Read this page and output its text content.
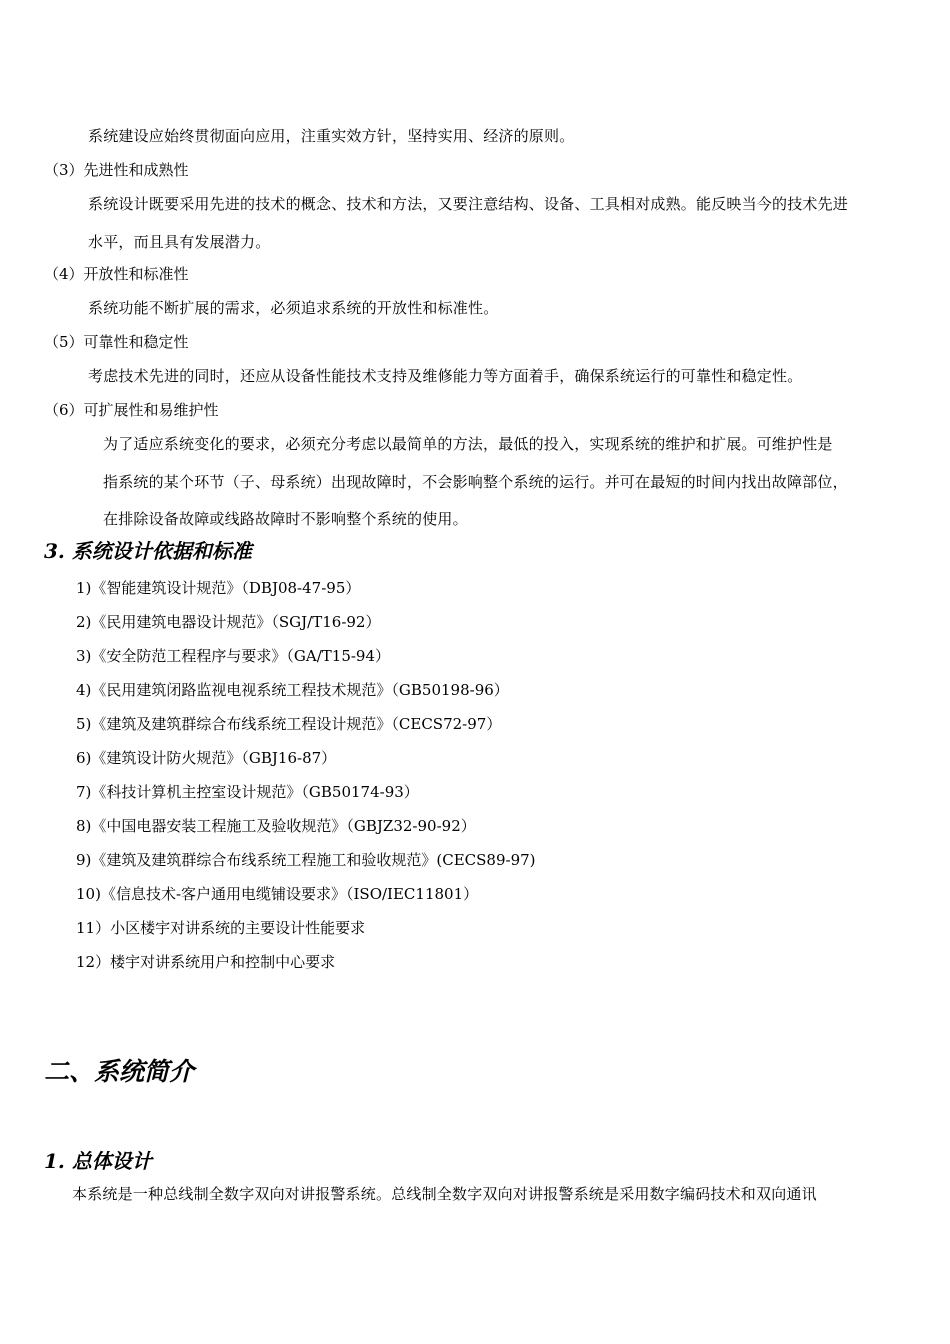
系统建设应始终贯彻面向应用，注重实效方针，坚持实用、经济的原则。
（3）先进性和成熟性
系统设计既要采用先进的技术的概念、技术和方法，又要注意结构、设备、工具相对成熟。能反映当今的技术先进
水平，而且具有发展潜力。
（4）开放性和标准性
系统功能不断扩展的需求，必须追求系统的开放性和标准性。
（5）可靠性和稳定性
考虑技术先进的同时，还应从设备性能技术支持及维修能力等方面着手，确保系统运行的可靠性和稳定性。
（6）可扩展性和易维护性
为了适应系统变化的要求，必须充分考虑以最简单的方法，最低的投入，实现系统的维护和扩展。可维护性是
指系统的某个环节（子、母系统）出现故障时，不会影响整个系统的运行。并可在最短的时间内找出故障部位，
在排除设备故障或线路故障时不影响整个系统的使用。
3. 系统设计依据和标准
1)《智能建筑设计规范》（DBJ08-47-95）
2)《民用建筑电器设计规范》（SGJ/T16-92）
3)《安全防范工程程序与要求》（GA/T15-94）
4)《民用建筑闭路监视电视系统工程技术规范》（GB50198-96）
5)《建筑及建筑群综合布线系统工程设计规范》（CECS72-97）
6)《建筑设计防火规范》（GBJ16-87）
7)《科技计算机主控室设计规范》（GB50174-93）
8)《中国电器安装工程施工及验收规范》（GBJZ32-90-92）
9)《建筑及建筑群综合布线系统工程施工和验收规范》(CECS89-97)
10)《信息技术-客户通用电缆铺设要求》（ISO/IEC11801）
11）小区楼宇对讲系统的主要设计性能要求
12）楼宇对讲系统用户和控制中心要求
二、系统简介
1. 总体设计
本系统是一种总线制全数字双向对讲报警系统。总线制全数字双向对讲报警系统是采用数字编码技术和双向通讯
